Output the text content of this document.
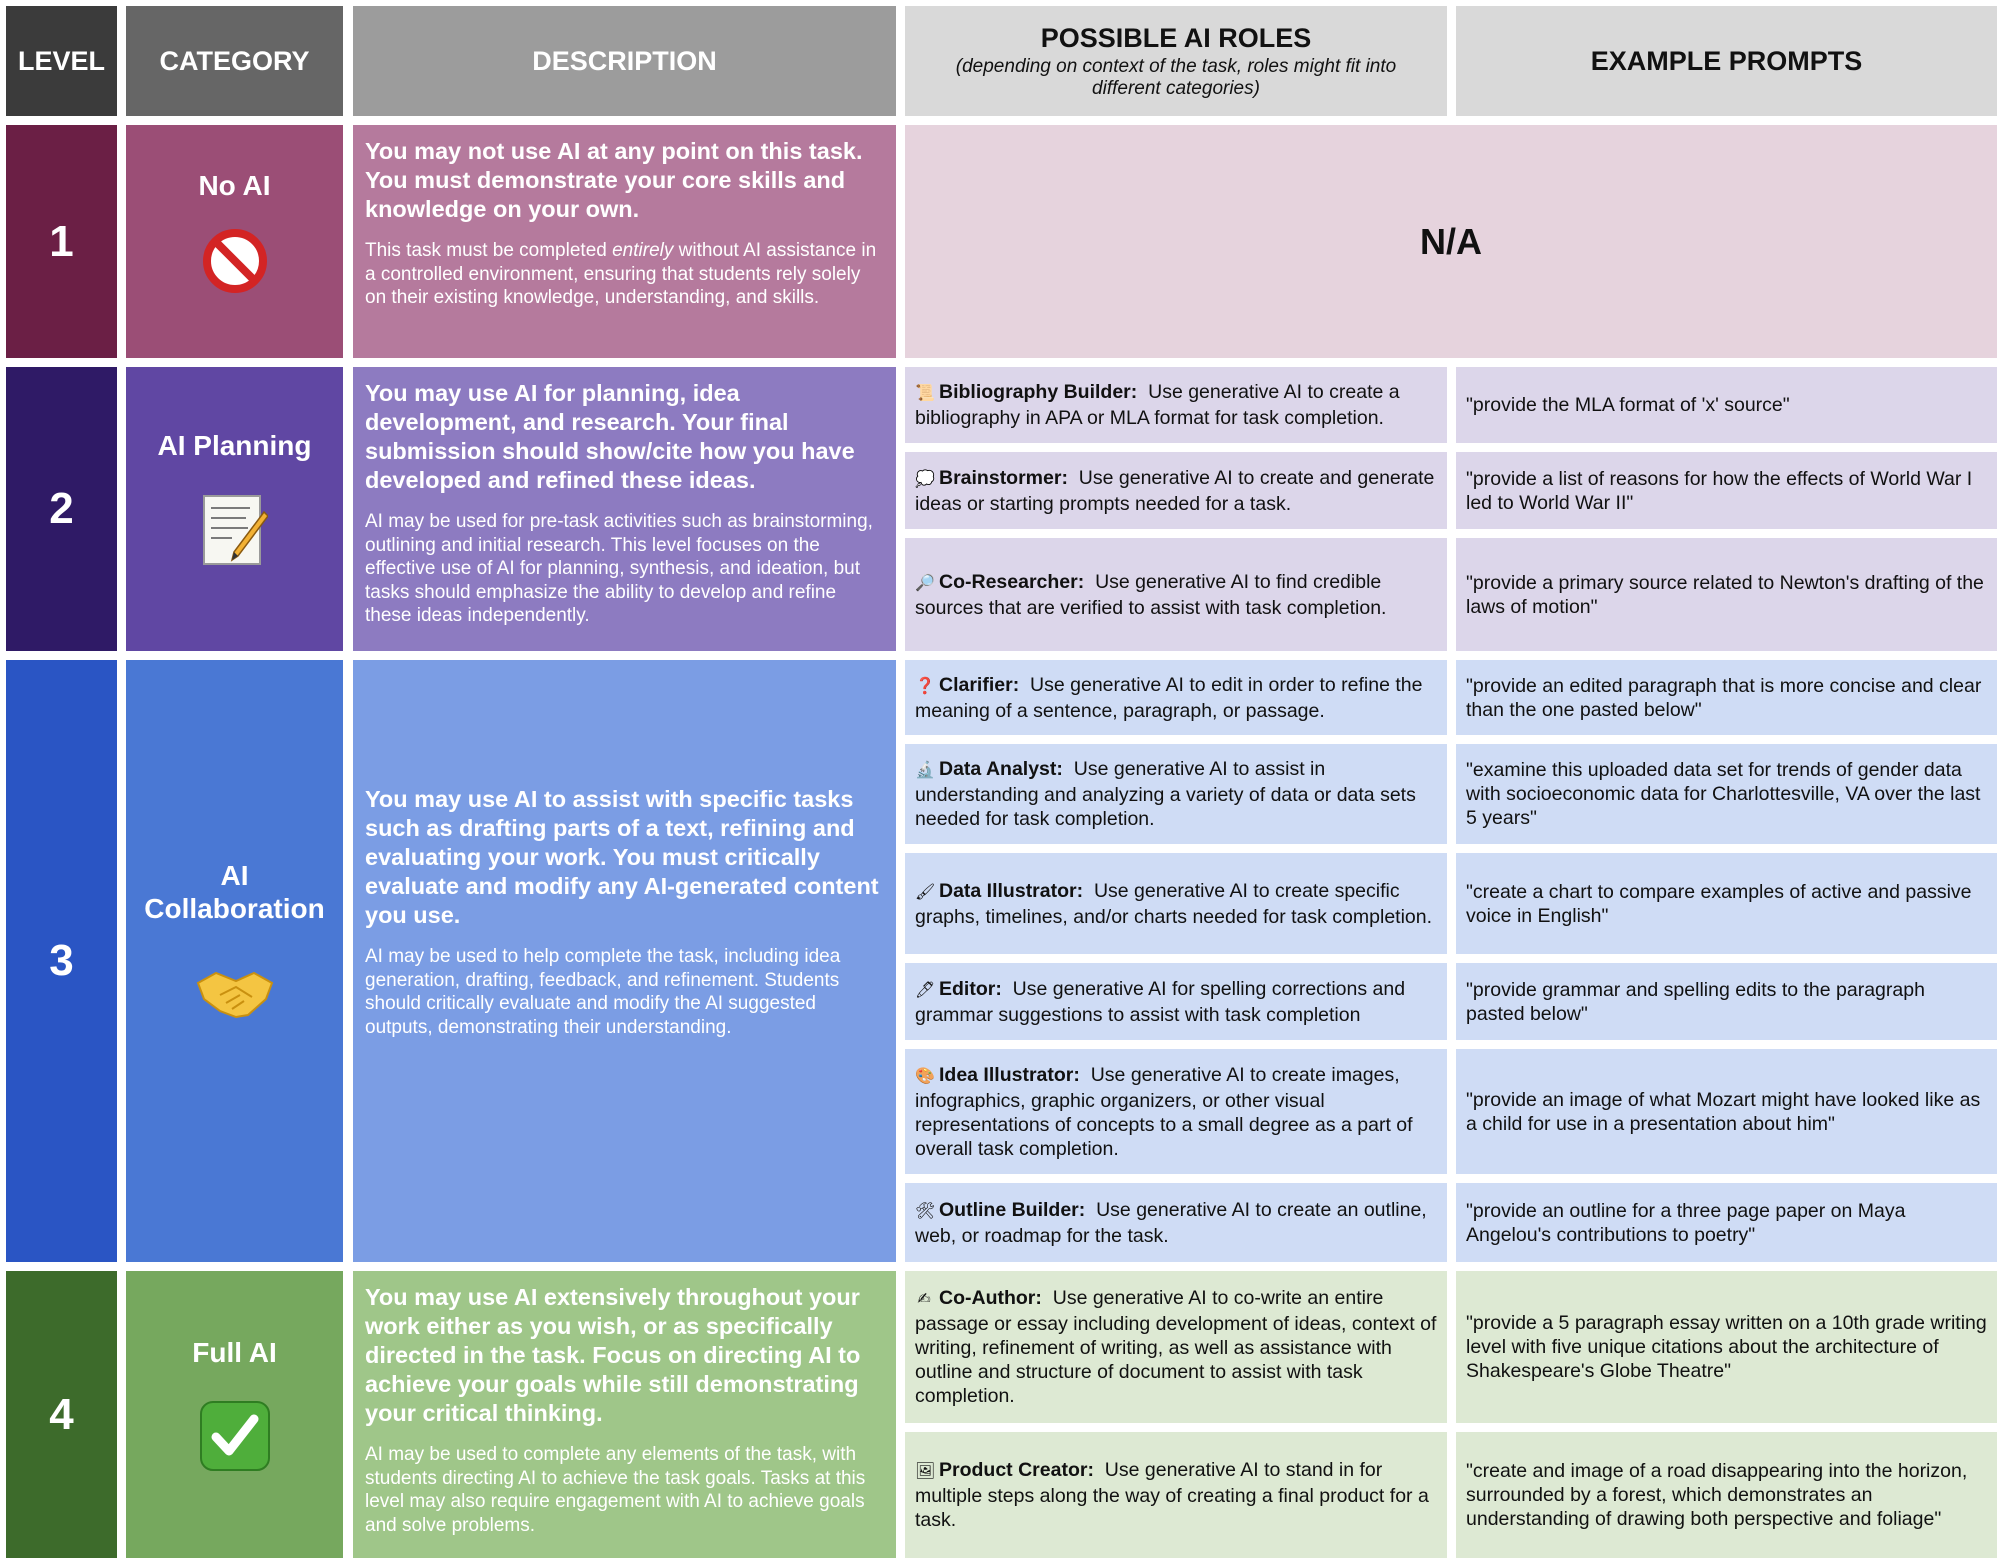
LEVEL CATEGORY	DESCRIPTION
POSSIBLE AI ROLES
(depending on context of the task, roles might fit into different categories)
EXAMPLE PROMPTS
1
No AI
You may not use AI at any point on this task. You must demonstrate your core skills and knowledge on your own.
This task must be completed entirely without AI assistance in a controlled environment, ensuring that students rely solely on their existing knowledge, understanding, and skills.
N/A
2
AI Planning
You may use AI for planning, idea development, and research. Your final submission should show/cite how you have developed and refined these ideas.
AI may be used for pre-task activities such as brainstorming, outlining and initial research. This level focuses on the effective use of AI for planning, synthesis, and ideation, but tasks should emphasize the ability to develop and refine these ideas independently.
📜 Bibliography Builder: Use generative AI to create a bibliography in APA or MLA format for task completion.
"provide the MLA format of 'x' source"
💭 Brainstormer: Use generative AI to create and generate ideas or starting prompts needed for a task.
"provide a list of reasons for how the effects of World War I led to World War II"
🔎 Co-Researcher: Use generative AI to find credible sources that are verified to assist with task completion.
"provide a primary source related to Newton's drafting of the laws of motion"
3
AI Collaboration
You may use AI to assist with specific tasks such as drafting parts of a text, refining and evaluating your work. You must critically evaluate and modify any AI-generated content you use.
AI may be used to help complete the task, including idea generation, drafting, feedback, and refinement. Students should critically evaluate and modify the AI suggested outputs, demonstrating their understanding.
❓ Clarifier: Use generative AI to edit in order to refine the meaning of a sentence, paragraph, or passage.
"provide an edited paragraph that is more concise and clear than the one pasted below"
🔬 Data Analyst: Use generative AI to assist in understanding and analyzing a variety of data or data sets needed for task completion.
"examine this uploaded data set for trends of gender data with socioeconomic data for Charlottesville, VA over the last 5 years"
🖌 Data Illustrator: Use generative AI to create specific graphs, timelines, and/or charts needed for task completion.
"create a chart to compare examples of active and passive voice in English"
🖊 Editor: Use generative AI for spelling corrections and grammar suggestions to assist with task completion
"provide grammar and spelling edits to the paragraph pasted below"
🎨 Idea Illustrator: Use generative AI to create images, infographics, graphic organizers, or other visual representations of concepts to a small degree as a part of overall task completion.
"provide an image of what Mozart might have looked like as a child for use in a presentation about him"
🛠 Outline Builder: Use generative AI to create an outline, web, or roadmap for the task.
"provide an outline for a three page paper on Maya Angelou's contributions to poetry"
4
Full AI
You may use AI extensively throughout your work either as you wish, or as specifically directed in the task. Focus on directing AI to achieve your goals while still demonstrating your critical thinking.
AI may be used to complete any elements of the task, with students directing AI to achieve the task goals. Tasks at this level may also require engagement with AI to achieve goals and solve problems.
✍ Co-Author: Use generative AI to co-write an entire passage or essay including development of ideas, context of writing, refinement of writing, as well as assistance with outline and structure of document to assist with task completion.
"provide a 5 paragraph essay written on a 10th grade writing level with five unique citations about the architecture of Shakespeare's Globe Theatre"
🖼 Product Creator: Use generative AI to stand in for multiple steps along the way of creating a final product for a task.
"create and image of a road disappearing into the horizon, surrounded by a forest, which demonstrates an understanding of drawing both perspective and foliage"
